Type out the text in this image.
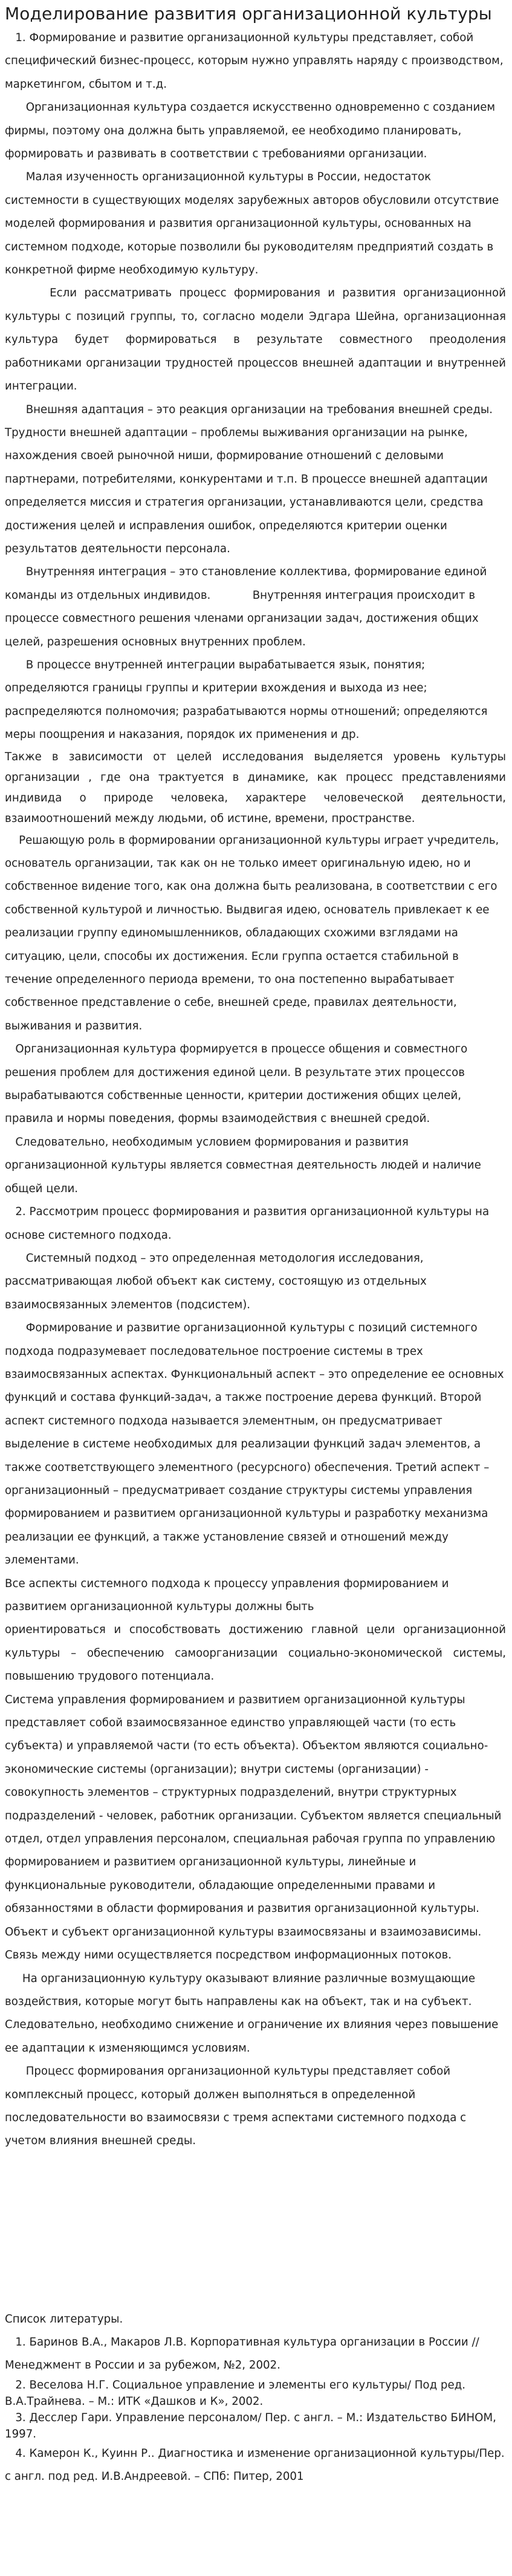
Моделирование развития организационной культуры

1. Формирование и развитие организационной культуры представляет, собой специфический бизнес-процесс, которым нужно управлять наряду с производством, маркетингом, сбытом и т.д.

Организационная культура создается искусственно одновременно с созданием фирмы, поэтому она должна быть управляемой, ее необходимо планировать, формировать и развивать в соответствии с требованиями организации.

Малая изученность организационной культуры в России, недостаток системности в существующих моделях зарубежных авторов обусловили отсутствие моделей формирования и развития организационной культуры, основанных на системном подходе, которые позволили бы руководителям предприятий создать в конкретной фирме необходимую культуру.

Если рассматривать процесс формирования и развития организационной культуры с позиций группы, то, согласно модели Эдгара Шейна, организационная культура будет формироваться в результате совместного преодоления работниками организации трудностей процессов внешней адаптации и внутренней интеграции.

Внешняя адаптация – это реакция организации на требования внешней среды. Трудности внешней адаптации – проблемы выживания организации на рынке, нахождения своей рыночной ниши, формирование отношений с деловыми партнерами, потребителями, конкурентами и т.п. В процессе внешней адаптации определяется миссия и стратегия организации, устанавливаются цели, средства достижения целей и исправления ошибок, определяются критерии оценки результатов деятельности персонала.

Внутренняя интеграция – это становление коллектива, формирование единой команды из отдельных индивидов.            Внутренняя интеграция происходит в процессе совместного решения членами организации задач, достижения общих целей, разрешения основных внутренних проблем.

В процессе внутренней интеграции вырабатывается язык, понятия; определяются границы группы и критерии вхождения и выхода из нее; распределяются полномочия; разрабатываются нормы отношений; определяются меры поощрения и наказания, порядок их применения и др.

Также в зависимости от целей исследования выделяется уровень культуры организации , где она трактуется в динамике, как процесс представлениями индивида о природе человека, характере человеческой деятельности, взаимоотношений между людьми, об истине, времени, пространстве.

Решающую роль в формировании организационной культуры играет учредитель, основатель организации, так как он не только имеет оригинальную идею, но и собственное видение того, как она должна быть реализована, в соответствии с его собственной культурой и личностью. Выдвигая идею, основатель привлекает к ее реализации группу единомышленников, обладающих схожими взглядами на ситуацию, цели, способы их достижения. Если группа остается стабильной в течение определенного периода времени, то она постепенно вырабатывает собственное представление о себе, внешней среде, правилах деятельности, выживания и развития.

Организационная культура формируется в процессе общения и совместного решения проблем для достижения единой цели. В результате этих процессов вырабатываются собственные ценности, критерии достижения общих целей, правила и нормы поведения, формы взаимодействия с внешней средой.

Следовательно, необходимым условием формирования и развития организационной культуры является совместная деятельность людей и наличие общей цели.

2. Рассмотрим процесс формирования и развития организационной культуры на основе системного подхода.

Системный подход – это определенная методология исследования, рассматривающая любой объект как систему, состоящую из отдельных взаимосвязанных элементов (подсистем).

Формирование и развитие организационной культуры с позиций системного подхода подразумевает последовательное построение системы в трех взаимосвязанных аспектах. Функциональный аспект – это определение ее основных функций и состава функций-задач, а также построение дерева функций. Второй аспект системного подхода называется элементным, он предусматривает выделение в системе необходимых для реализации функций задач элементов, а также соответствующего элементного (ресурсного) обеспечения. Третий аспект – организационный – предусматривает создание структуры системы управления формированием и развитием организационной культуры и разработку механизма реализации ее функций, а также установление связей и отношений между элементами.

Все аспекты системного подхода к процессу управления формированием и развитием организационной культуры должны быть

ориентироваться и способствовать достижению главной цели организационной культуры – обеспечению самоорганизации социально-экономической системы, повышению трудового потенциала.

Система управления формированием и развитием организационной культуры представляет собой взаимосвязанное единство управляющей части (то есть субъекта) и управляемой части (то есть объекта). Объектом являются социально-экономические системы (организации); внутри системы (организации) - совокупность элементов – структурных подразделений, внутри структурных подразделений - человек, работник организации. Субъектом является специальный отдел, отдел управления персоналом, специальная рабочая группа по управлению формированием и развитием организационной культуры, линейные и функциональные руководители, обладающие определенными правами и обязанностями в области формирования и развития организационной культуры. Объект и субъект организационной культуры взаимосвязаны и взаимозависимы. Связь между ними осуществляется посредством информационных потоков.

На организационную культуру оказывают влияние различные возмущающие воздействия, которые могут быть направлены как на объект, так и на субъект. Следовательно, необходимо снижение и ограничение их влияния через повышение ее адаптации к изменяющимся условиям.

Процесс формирования организационной культуры представляет собой комплексный процесс, который должен выполняться в определенной последовательности во взаимосвязи с тремя аспектами системного подхода с учетом влияния внешней среды.

Список литературы.

1. Баринов В.А., Макаров Л.В. Корпоративная культура организации в России // Менеджмент в России и за рубежом, №2, 2002.

2. Веселова Н.Г. Социальное управление и элементы его культуры/ Под ред. В.А.Трайнева. – М.: ИТК «Дашков и К», 2002.

3. Десслер Гари. Управление персоналом/ Пер. с англ. – М.: Издательство БИНОМ, 1997.

4. Камерон К., Куинн Р.. Диагностика и изменение организационной культуры/Пер. с англ. под ред. И.В.Андреевой. – СПб: Питер, 2001
